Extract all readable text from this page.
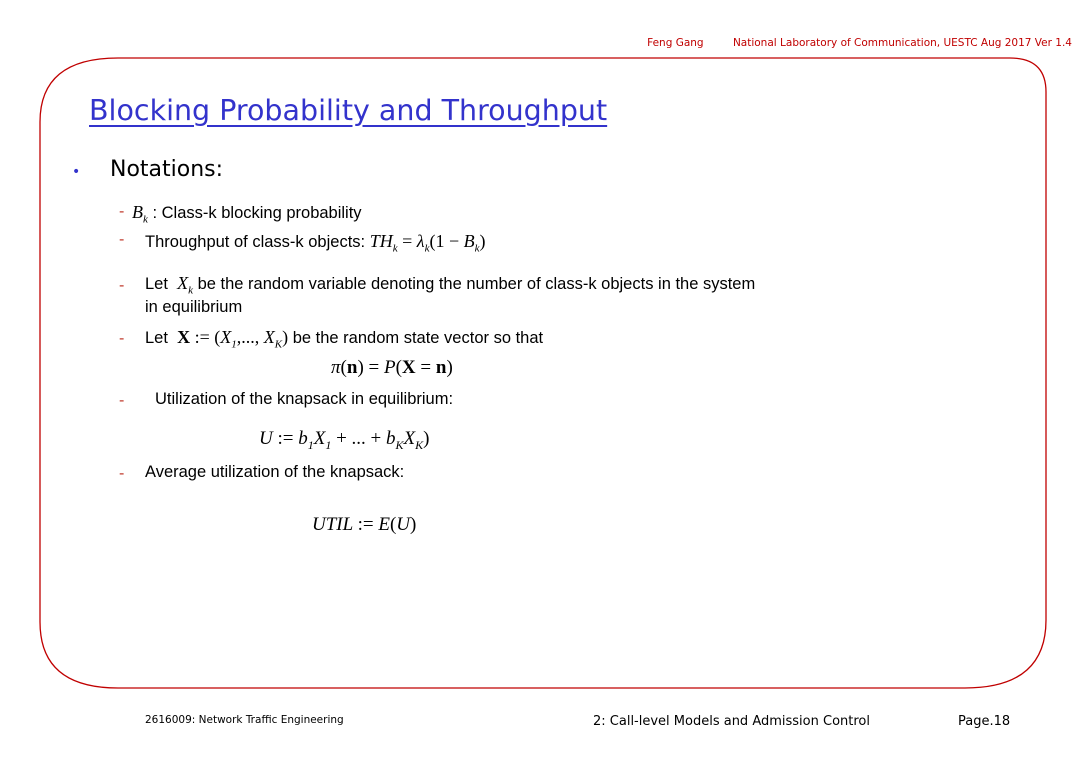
Feng Gang	National Laboratory of Communication, UESTC Aug 2017 Ver 1.4
Blocking Probability and Throughput
• Notations:
- $B_k$ : Class-k blocking probability
- Throughput of class-k objects: $TH_k = \lambda_k(1 - B_k)$
- Let  $X_k$ be the random variable denoting the number of class-k objects in the system
in equilibrium
- Let  X := ($X_1$,..., $X_K$) be the random state vector so that
π(n) = P(X = n)
- Utilization of the knapsack in equilibrium:
U := $b_1X_1$ + ... + $b_KX_K$)
- Average utilization of the knapsack:
UTIL := E(U)
2616009: Network Traffic Engineering	2: Call-level Models and Admission Control	Page.18
